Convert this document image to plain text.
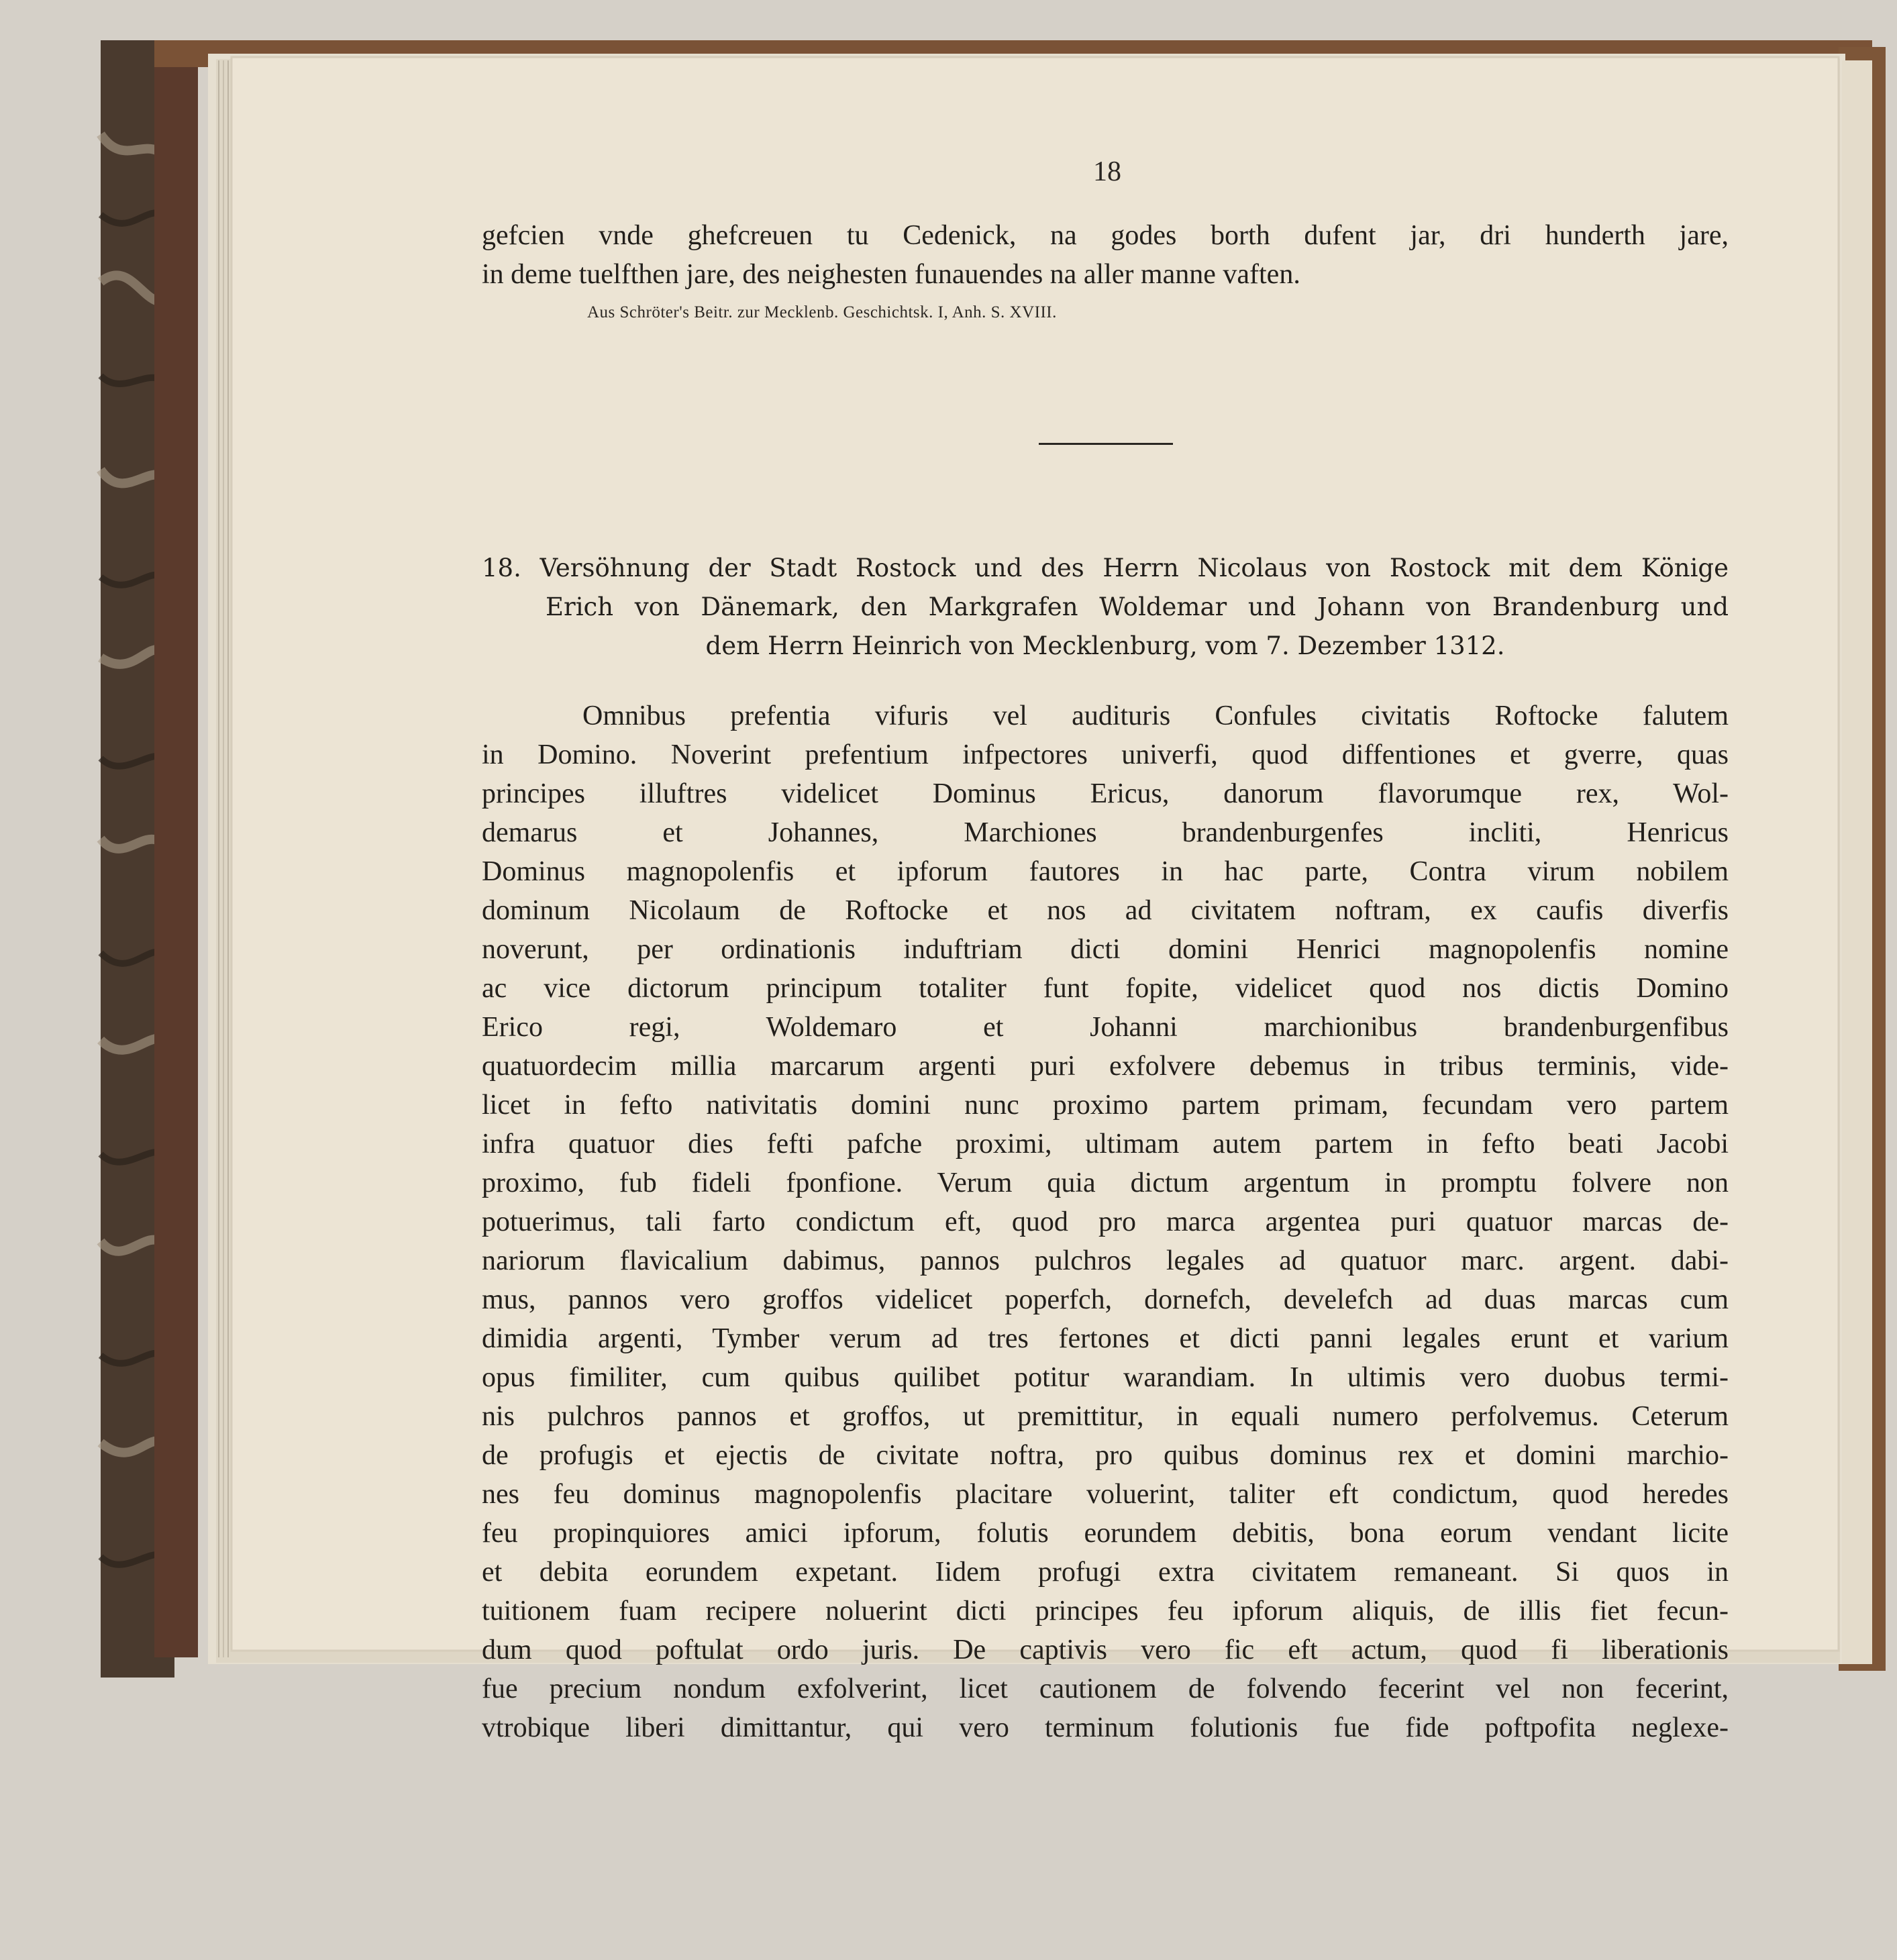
18
gefcien vnde ghefcreuen tu Cedenick, na godes borth dufent jar, dri hunderth jare,
in deme tuelfthen jare, des neighesten funauendes na aller manne vaften.
Aus Schröter's Beitr. zur Mecklenb. Geschichtsk. I, Anh. S. XVIII.
18. Versöhnung der Stadt Rostock und des Herrn Nicolaus von Rostock mit dem Könige
Erich von Dänemark, den Markgrafen Woldemar und Johann von Brandenburg und
dem Herrn Heinrich von Mecklenburg, vom 7. Dezember 1312.
Omnibus prefentia vifuris vel audituris Confules civitatis Roftocke falutem
in Domino. Noverint prefentium infpectores univerfi, quod diffentiones et gverre, quas
principes illuftres videlicet Dominus Ericus, danorum flavorumque rex, Wol-
demarus et Johannes, Marchiones brandenburgenfes incliti, Henricus
Dominus magnopolenfis et ipforum fautores in hac parte, Contra virum nobilem
dominum Nicolaum de Roftocke et nos ad civitatem noftram, ex caufis diverfis
noverunt, per ordinationis induftriam dicti domini Henrici magnopolenfis nomine
ac vice dictorum principum totaliter funt fopite, videlicet quod nos dictis Domino
Erico regi, Woldemaro et Johanni marchionibus brandenburgenfibus
quatuordecim millia marcarum argenti puri exfolvere debemus in tribus terminis, vide-
licet in fefto nativitatis domini nunc proximo partem primam, fecundam vero partem
infra quatuor dies fefti pafche proximi, ultimam autem partem in fefto beati Jacobi
proximo, fub fideli fponfione. Verum quia dictum argentum in promptu folvere non
potuerimus, tali farto condictum eft, quod pro marca argentea puri quatuor marcas de-
nariorum flavicalium dabimus, pannos pulchros legales ad quatuor marc. argent. dabi-
mus, pannos vero groffos videlicet poperfch, dornefch, develefch ad duas marcas cum
dimidia argenti, Tymber verum ad tres fertones et dicti panni legales erunt et varium
opus fimiliter, cum quibus quilibet potitur warandiam. In ultimis vero duobus termi-
nis pulchros pannos et groffos, ut premittitur, in equali numero perfolvemus. Ceterum
de profugis et ejectis de civitate noftra, pro quibus dominus rex et domini marchio-
nes feu dominus magnopolenfis placitare voluerint, taliter eft condictum, quod heredes
feu propinquiores amici ipforum, folutis eorundem debitis, bona eorum vendant licite
et debita eorundem expetant. Iidem profugi extra civitatem remaneant. Si quos in
tuitionem fuam recipere noluerint dicti principes feu ipforum aliquis, de illis fiet fecun-
dum quod poftulat ordo juris. De captivis vero fic eft actum, quod fi liberationis
fue precium nondum exfolverint, licet cautionem de folvendo fecerint vel non fecerint,
vtrobique liberi dimittantur, qui vero terminum folutionis fue fide poftpofita neglexe-
